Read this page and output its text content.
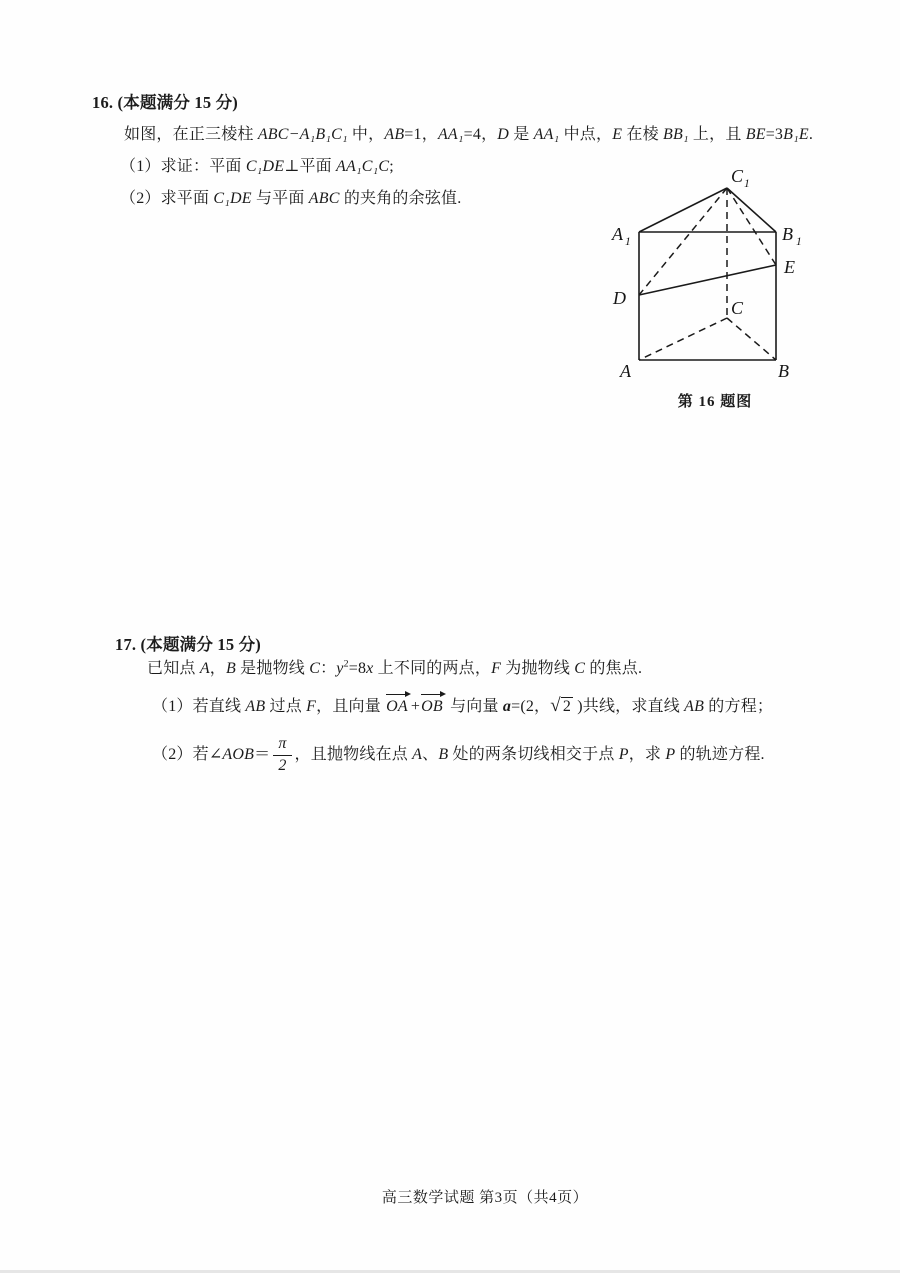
16. (本题满分 15 分)
如图，在正三棱柱 ABC−A₁B₁C₁ 中，AB=1，AA₁=4，D 是 AA₁ 中点，E 在棱 BB₁ 上，且 BE=3B₁E.
（1）求证：平面 C₁DE⊥平面 AA₁C₁C;
（2）求平面 C₁DE 与平面 ABC 的夹角的余弦值.
C 1
A 1	B 1
E
D	C
A	B
第 16 题图
17. (本题满分 15 分)
已知点 A，B 是抛物线 C：$y^2=8x$ 上不同的两点，F 为抛物线 C 的焦点.
（1）若直线 AB 过点 F，且向量 OA +OB 与向量 a=(2，√ 2 )共线，求直线 AB 的方程；
（2）若 ∠ AOB ＝ $\frac{\pi}{2}$ ，且抛物线在点 A 、 B 处的两条切线相交于点 P ，求 P 的轨迹方程.
高三数学试题 第3页（共4页）
